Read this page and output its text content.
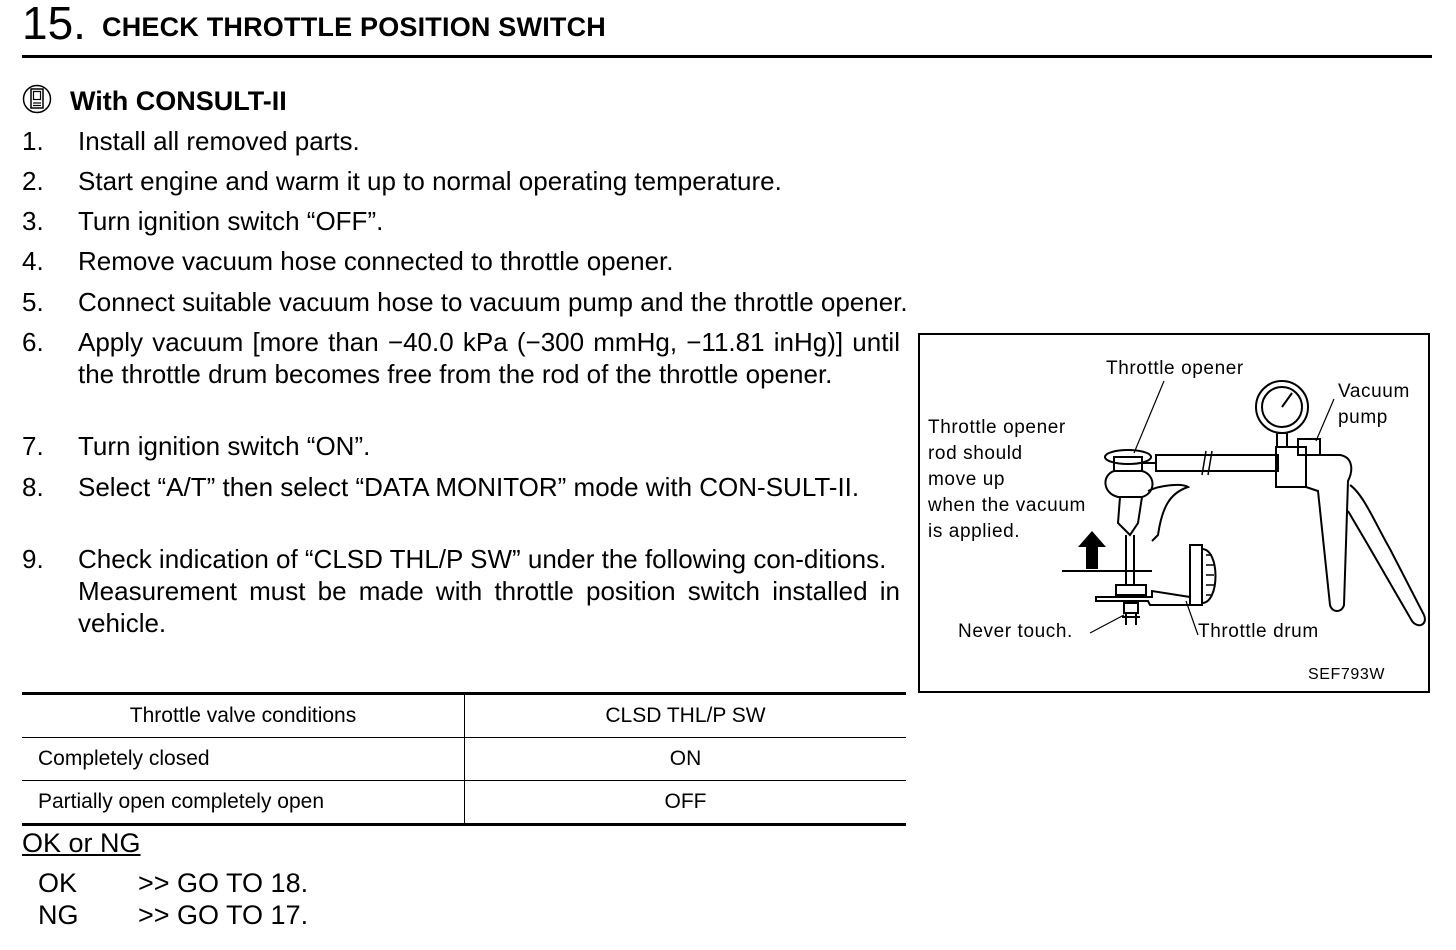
15. CHECK THROTTLE POSITION SWITCH
With CONSULT-II
1. Install all removed parts.
2. Start engine and warm it up to normal operating temperature.
3. Turn ignition switch “OFF”.
4. Remove vacuum hose connected to throttle opener.
5. Connect suitable vacuum hose to vacuum pump and the throttle opener.
6. Apply vacuum [more than −40.0 kPa (−300 mmHg, −11.81 inHg)] until the throttle drum becomes free from the rod of the throttle opener.
7. Turn ignition switch “ON”.
8. Select “A/T” then select “DATA MONITOR” mode with CON-SULT-II.
9. Check indication of “CLSD THL/P SW” under the following con-ditions.
Measurement must be made with throttle position switch installed in vehicle.
Throttle opener
Vacuum
pump
Throttle opener
rod should
move up
when the vacuum
is applied.
Never touch.	Throttle drum
SEF793W
Throttle valve conditions	CLSD THL/P SW
Completely closed	ON
Partially open completely open	OFF
OK or NG
OK >> GO TO 18.
NG >> GO TO 17.
